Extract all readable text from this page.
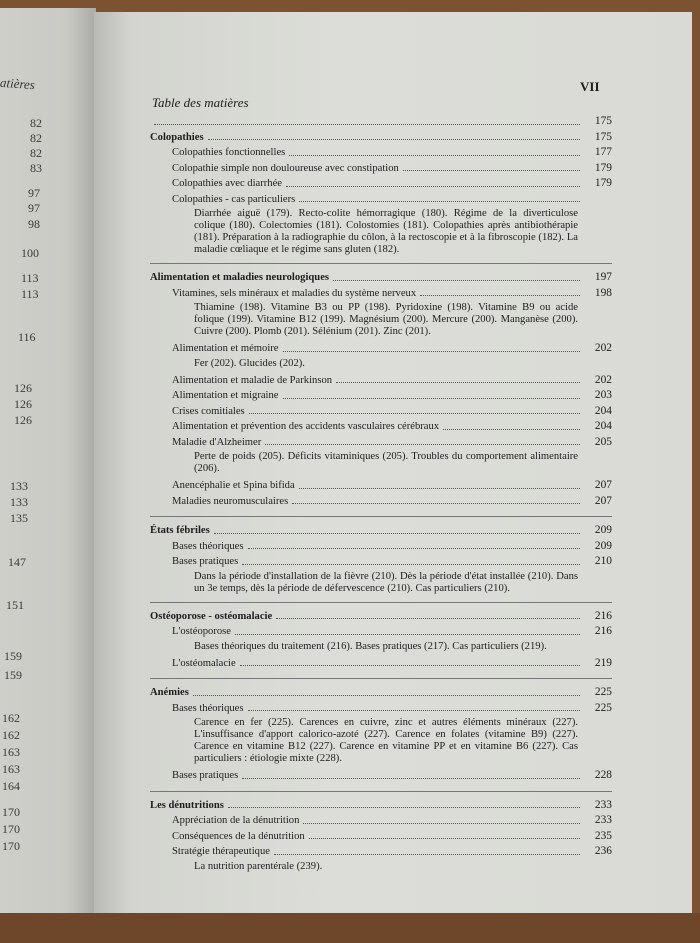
atières
82
82
82
83
97
97
98
100
113
113
116
126
126
126
133
133
135
147
151
159
159
162
162
163
163
164
170
170
170
VII
Table des matières
175
Colopathies	175
Colopathies fonctionnelles	177
Colopathie simple non douloureuse avec constipation	179
Colopathies avec diarrhée	179
Colopathies - cas particuliers
Diarrhée aiguë (179). Recto-colite hémorragique (180). Régime de la diverticulose colique (180). Colectomies (181). Colostomies (181). Colopathies après antibiothérapie (181). Préparation à la radiographie du côlon, à la rectoscopie et à la fibroscopie (182). La maladie cœliaque et le régime sans gluten (182).
Alimentation et maladies neurologiques	197
Vitamines, sels minéraux et maladies du système nerveux	198
Thiamine (198). Vitamine B3 ou PP (198). Pyridoxine (198). Vitamine B9 ou acide folique (199). Vitamine B12 (199). Magnésium (200). Mercure (200). Manganèse (200). Cuivre (200). Plomb (201). Sélénium (201). Zinc (201).
Alimentation et mémoire	202
Fer (202). Glucides (202).
Alimentation et maladie de Parkinson	202
Alimentation et migraine	203
Crises comitiales	204
Alimentation et prévention des accidents vasculaires cérébraux	204
Maladie d'Alzheimer	205
Perte de poids (205). Déficits vitaminiques (205). Troubles du comportement alimentaire (206).
Anencéphalie et Spina bifida	207
Maladies neuromusculaires	207
États fébriles	209
Bases théoriques	209
Bases pratiques	210
Dans la période d'installation de la fièvre (210). Dès la période d'état installée (210). Dans un 3e temps, dès la période de défervescence (210). Cas particuliers (210).
Ostéoporose - ostéomalacie	216
L'ostéoporose	216
Bases théoriques du traitement (216). Bases pratiques (217). Cas particuliers (219).
L'ostéomalacie	219
Anémies	225
Bases théoriques	225
Carence en fer (225). Carences en cuivre, zinc et autres éléments minéraux (227). L'insuffisance d'apport calorico-azoté (227). Carence en folates (vitamine B9) (227). Carence en vitamine B12 (227). Carence en vitamine PP et en vitamine B6 (227). Cas particuliers : étiologie mixte (228).
Bases pratiques	228
Les dénutritions	233
Appréciation de la dénutrition	233
Conséquences de la dénutrition	235
Stratégie thérapeutique	236
La nutrition parentérale (239).
